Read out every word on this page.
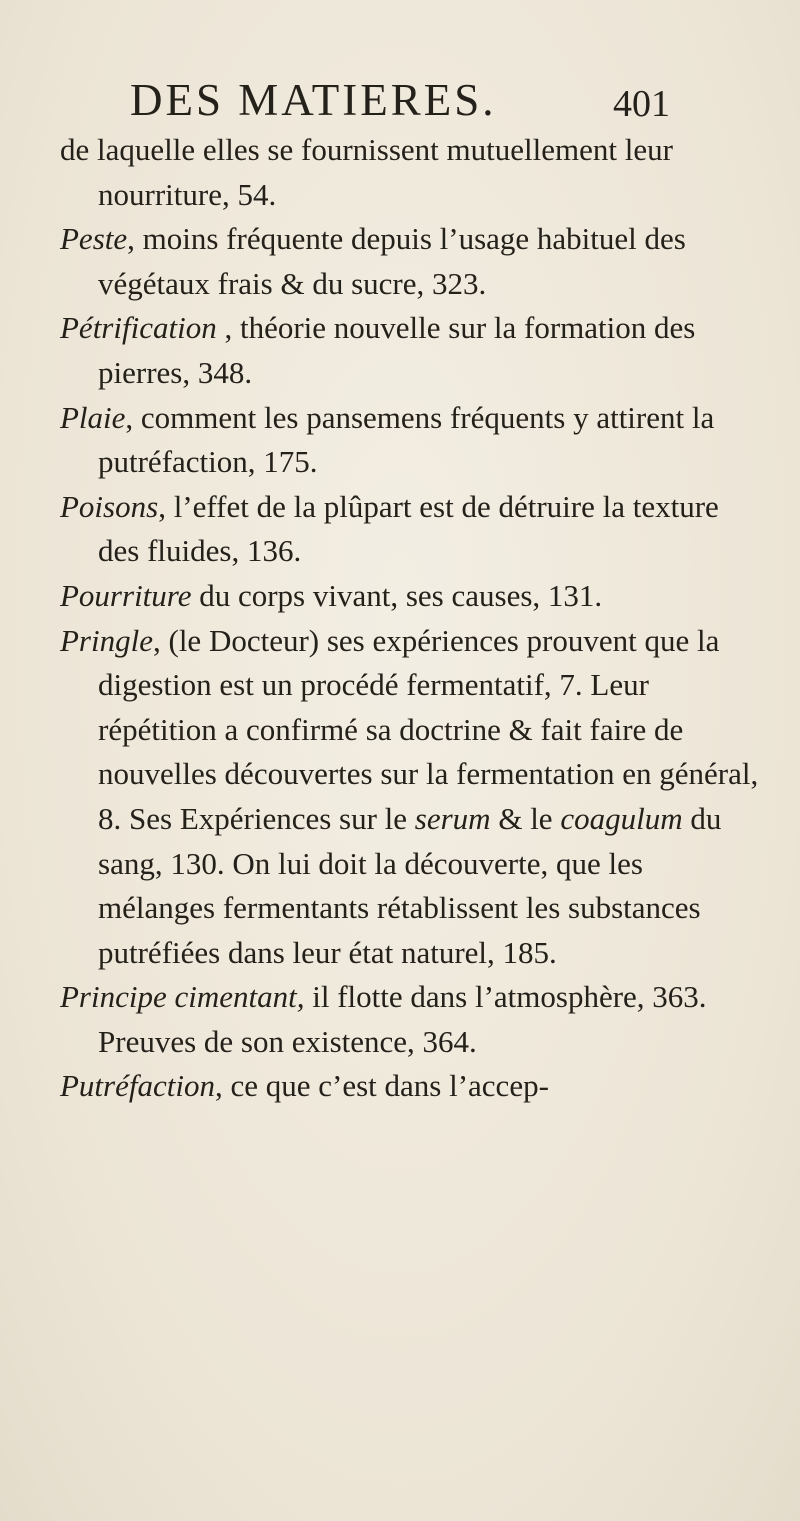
DES MATIERES.	401

de laquelle elles se fournissent mutuellement leur nourriture, 54.

Peste, moins fréquente depuis l’usage habituel des végétaux frais & du sucre, 323.

Pétrification , théorie nouvelle sur la formation des pierres, 348.

Plaie, comment les pansemens fréquents y attirent la putréfaction, 175.

Poisons, l’effet de la plûpart est de détruire la texture des fluides, 136.

Pourriture du corps vivant, ses causes, 131.

Pringle, (le Docteur) ses expériences prouvent que la digestion est un procédé fermentatif, 7. Leur répétition a confirmé sa doctrine & fait faire de nouvelles découvertes sur la fermentation en général, 8. Ses Expériences sur le serum & le coagulum du sang, 130. On lui doit la découverte, que les mélanges fermentants rétablissent les substances putréfiées dans leur état naturel, 185.

Principe cimentant, il flotte dans l’atmosphère, 363. Preuves de son existence, 364.

Putréfaction, ce que c’est dans l’accep-
